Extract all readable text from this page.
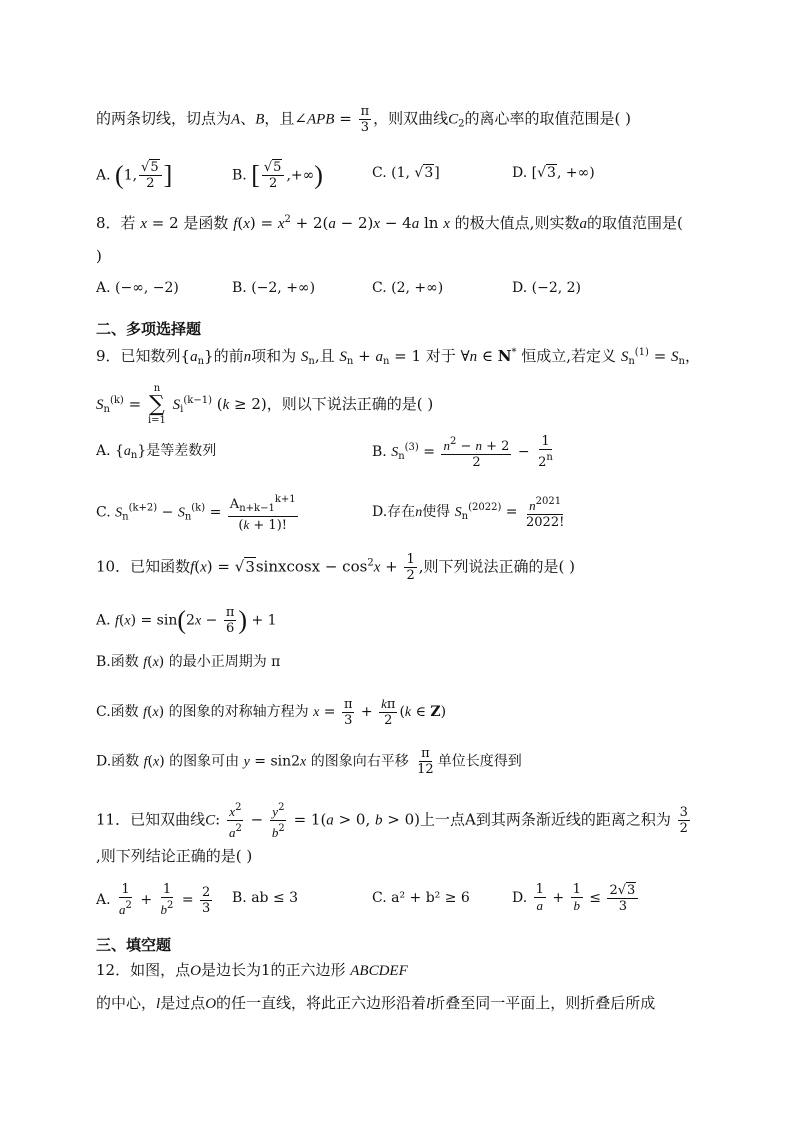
的两条切线，切点为A、B，且∠APB = $\frac{\pi}{3}$ ，则双曲线$C_2$的离心率的取值范围是( )
A. (1, $\frac{√5}{2}$ ]	B. [ $\frac{√5}{2}$ ,+∞)	C. (1, √3]	D. [√3, +∞)
8．若 x = 2 是函数 $f(x) = x^2 + 2(a - 2)x - 4a$ ln x 的极大值点,则实数a的取值范围是(
)
A. (−∞, −2)	B. (−2, +∞)	C. (2, +∞)	D. (−2, 2)
二、多项选择题
9．已知数列$\{a_n\}$的前n项和为 $S_n$,且 $S_n + a_n = 1$ 对于 ∀n ∈ N* 恒成立,若定义 $S_n^{(1)} = S_n$，
$S_n^{(k)}$ =
n
∑
i=1
$S_i^{(k-1)}$ (k ≥ 2)，则以下说法正确的是( )
A. $\{a_n\}$是等差数列	B. $S_n^{(3)} = \frac{n^2 - n + 2}{2} - \frac{1}{2^n}$
C. $S_n^{(k+2)} - S_n^{(k)} = \frac{A_{n+k-1}^{k+1}}{(k + 1)!}$	D.存在n使得 $S_n^{(2022)} = \frac{n^{2021}}{2022!}$
10．已知函数f(x) = √3sinxcosx − $\cos^2x + \frac{1}{2}$ ,则下列说法正确的是( )
A. $f(x) = \sin(2x - \frac{\pi}{6}$ ) + 1
B.函数 f(x) 的最小正周期为 π
C.函数 f(x) 的图象的对称轴方程为 $x = \frac{\pi}{3} + \frac{k\pi}{2} (k$ ∈ Z)
D.函数 f(x) 的图象可由 y = sin2x 的图象向右平移 $\frac{\pi}{12}$ 单位长度得到
11．已知双曲线C: $\frac{x^2}{a^2} - \frac{y^2}{b^2} = 1(a > 0$, b > 0)上一点A到其两条渐近线的距离之积为 $\frac{3}{2}$
,则下列结论正确的是( )
A. $\frac{1}{a^2} + \frac{1}{b^2} = \frac{2}{3} B$. ab ≤ 3	C. a² + b² ≥ 6	D. $\frac{1}{a} + \frac{1}{b} \le \frac{2√3}{3}$
三、填空题
12．如图，点O是边长为1的正六边形 ABCDEF
的中心，l是过点O的任一直线，将此正六边形沿着l折叠至同一平面上，则折叠后所成
